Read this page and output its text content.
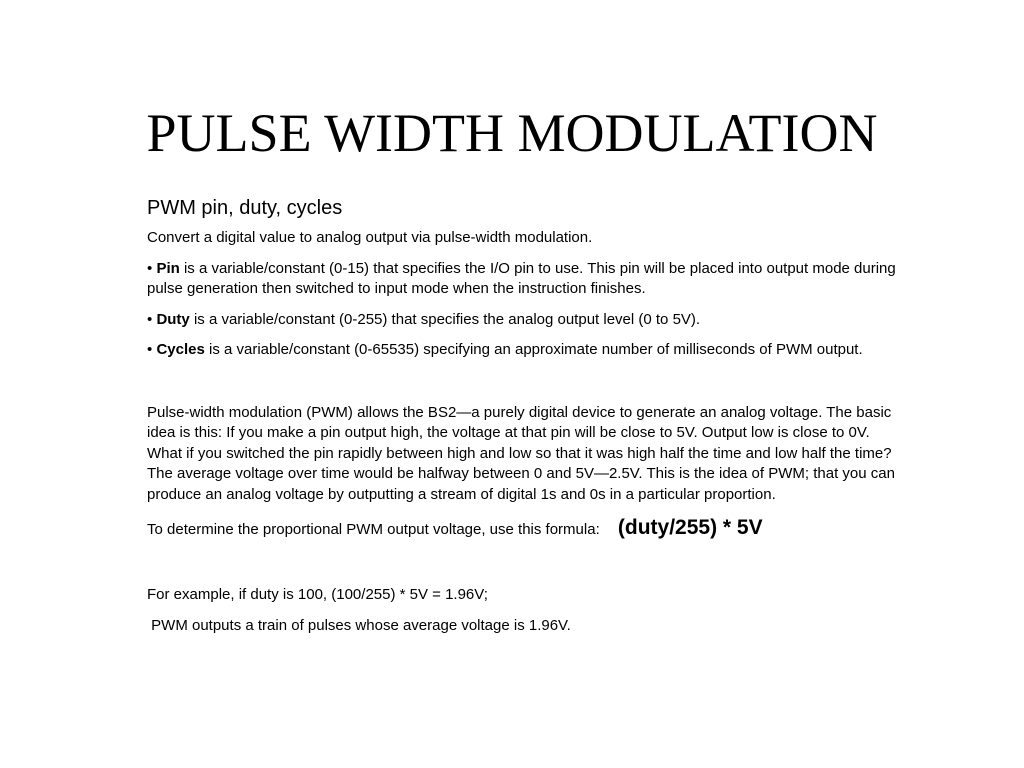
PULSE WIDTH MODULATION

PWM pin, duty, cycles

Convert a digital value to analog output via pulse-width modulation.

• Pin is a variable/constant (0-15) that specifies the I/O pin to use. This pin will be placed into output mode during pulse generation then switched to input mode when the instruction finishes.

• Duty is a variable/constant (0-255) that specifies the analog output level (0 to 5V).

• Cycles is a variable/constant (0-65535) specifying an approximate number of milliseconds of PWM output.

Pulse-width modulation (PWM) allows the BS2—a purely digital device to generate an analog voltage. The basic idea is this: If you make a pin output high, the voltage at that pin will be close to 5V. Output low is close to 0V. What if you switched the pin rapidly between high and low so that it was high half the time and low half the time? The average voltage over time would be halfway between 0 and 5V—2.5V. This is the idea of PWM; that you can produce an analog voltage by outputting a stream of digital 1s and 0s in a particular proportion.

To determine the proportional PWM output voltage, use this formula: (duty/255) * 5V

For example, if duty is 100, (100/255) * 5V = 1.96V;

PWM outputs a train of pulses whose average voltage is 1.96V.
